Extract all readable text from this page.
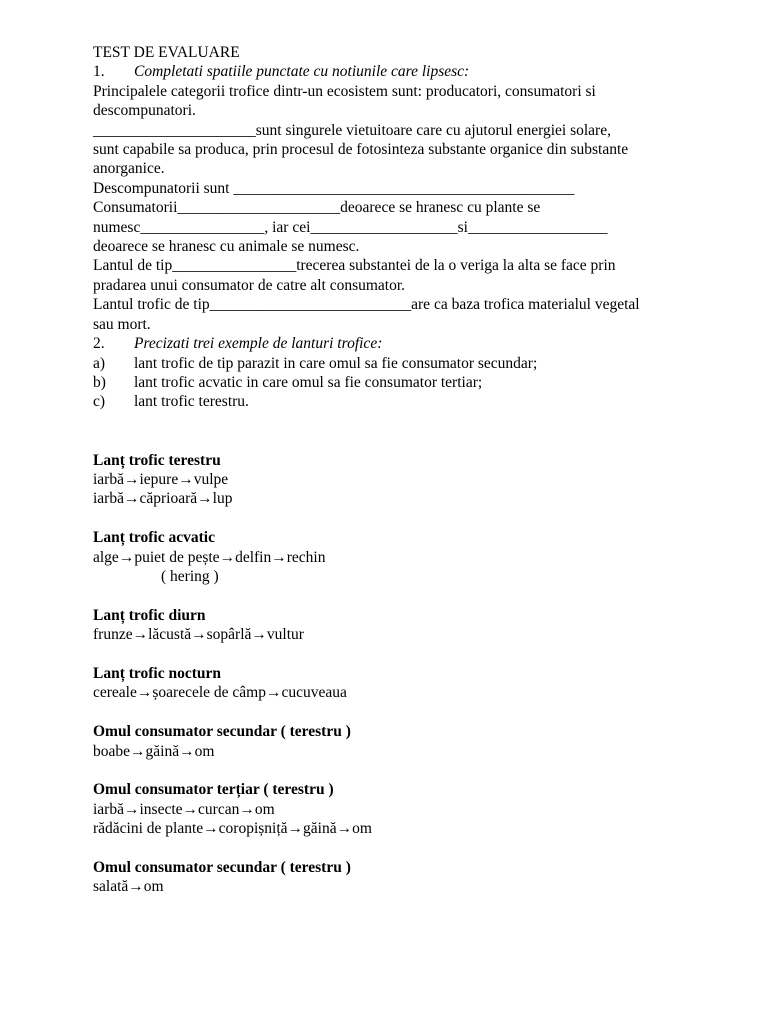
TEST DE EVALUARE
1. Completati spatiile punctate cu notiunile care lipsesc:
Principalele categorii trofice dintr-un ecosistem sunt: producatori, consumatori si
descompunatori.
_____________________sunt singurele vietuitoare care cu ajutorul energiei solare,
sunt capabile sa produca, prin procesul de fotosinteza substante organice din substante
anorganice.
Descompunatorii sunt ____________________________________________
Consumatorii_____________________deoarece se hranesc cu plante se
numesc________________, iar cei___________________si__________________
deoarece se hranesc cu animale se numesc.
Lantul de tip________________trecerea substantei de la o veriga la alta se face prin
pradarea unui consumator de catre alt consumator.
Lantul trofic de tip__________________________are ca baza trofica materialul vegetal
sau mort.
2. Precizati trei exemple de lanturi trofice:
a) lant trofic de tip parazit in care omul sa fie consumator secundar;
b) lant trofic acvatic in care omul sa fie consumator tertiar;
c) lant trofic terestru.
Lanț trofic terestru
iarbă→iepure→vulpe
iarbă→căprioară→lup
Lanț trofic acvatic
alge→puiet de pește→delfin→rechin
( hering )
Lanț trofic diurn
frunze→lăcustă→sopârlă→vultur
Lanț trofic nocturn
cereale→șoarecele de câmp→cucuveaua
Omul consumator secundar ( terestru )
boabe→găină→om
Omul consumator terțiar ( terestru )
iarbă→insecte→curcan→om
rădăcini de plante→coropișniță→găină→om
Omul consumator secundar ( terestru )
salată→om
